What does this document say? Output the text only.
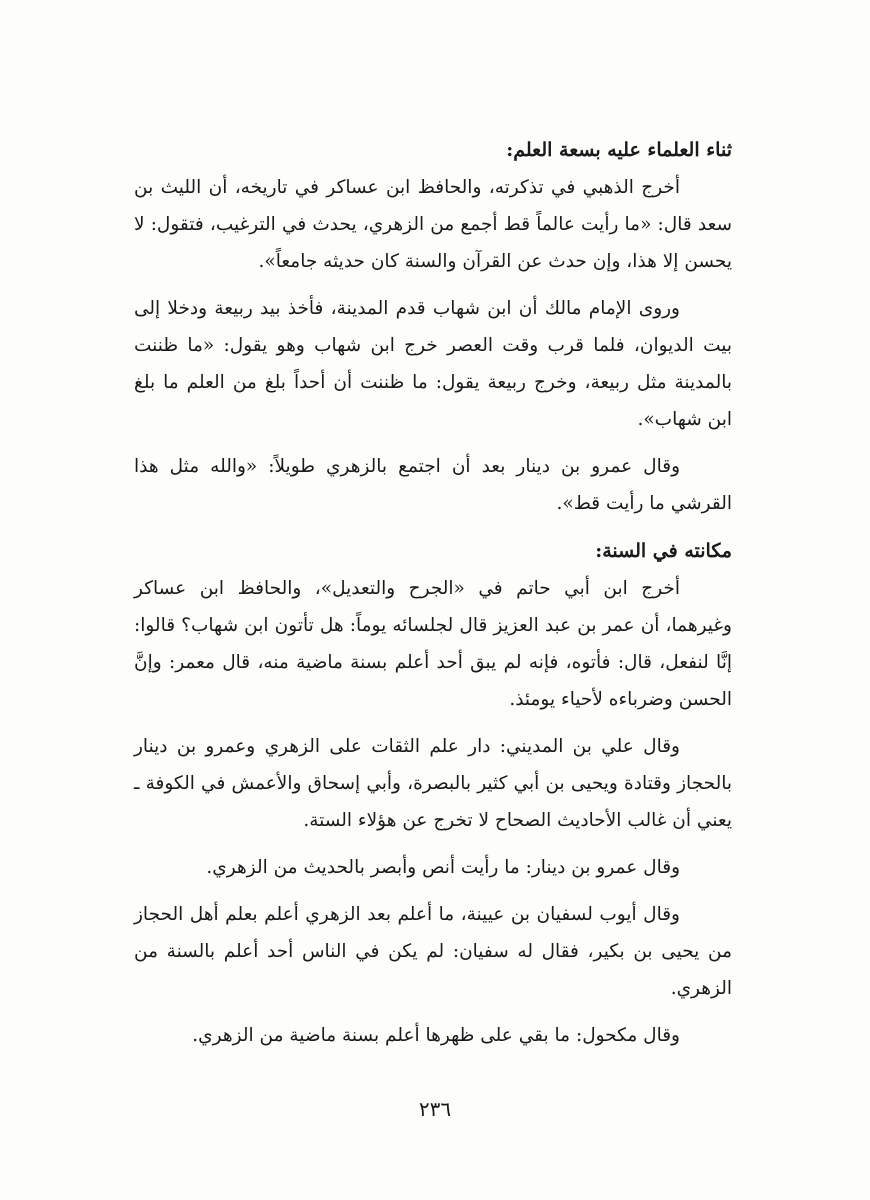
ثناء العلماء عليه بسعة العلم:

أخرج الذهبي في تذكرته، والحافظ ابن عساكر في تاريخه، أن الليث بن سعد قال: «ما رأيت عالماً قط أجمع من الزهري، يحدث في الترغيب، فتقول: لا يحسن إلا هذا، وإن حدث عن القرآن والسنة كان حديثه جامعاً».

وروى الإمام مالك أن ابن شهاب قدم المدينة، فأخذ بيد ربيعة ودخلا إلى بيت الديوان، فلما قرب وقت العصر خرج ابن شهاب وهو يقول: «ما ظننت بالمدينة مثل ربيعة، وخرج ربيعة يقول: ما ظننت أن أحداً بلغ من العلم ما بلغ ابن شهاب».

وقال عمرو بن دينار بعد أن اجتمع بالزهري طويلاً: «والله مثل هذا القرشي ما رأيت قط».

مكانته في السنة:

أخرج ابن أبي حاتم في «الجرح والتعديل»، والحافظ ابن عساكر وغيرهما، أن عمر بن عبد العزيز قال لجلسائه يوماً: هل تأتون ابن شهاب؟ قالوا: إنَّا لنفعل، قال: فأتوه، فإنه لم يبق أحد أعلم بسنة ماضية منه، قال معمر: وإنَّ الحسن وضرباءه لأحياء يومئذ.

وقال علي بن المديني: دار علم الثقات على الزهري وعمرو بن دينار بالحجاز وقتادة ويحيى بن أبي كثير بالبصرة، وأبي إسحاق والأعمش في الكوفة ـ يعني أن غالب الأحاديث الصحاح لا تخرج عن هؤلاء الستة.

وقال عمرو بن دينار: ما رأيت أنص وأبصر بالحديث من الزهري.

وقال أيوب لسفيان بن عيينة، ما أعلم بعد الزهري أعلم بعلم أهل الحجاز من يحيى بن بكير، فقال له سفيان: لم يكن في الناس أحد أعلم بالسنة من الزهري.

وقال مكحول: ما بقي على ظهرها أعلم بسنة ماضية من الزهري.

٢٣٦
